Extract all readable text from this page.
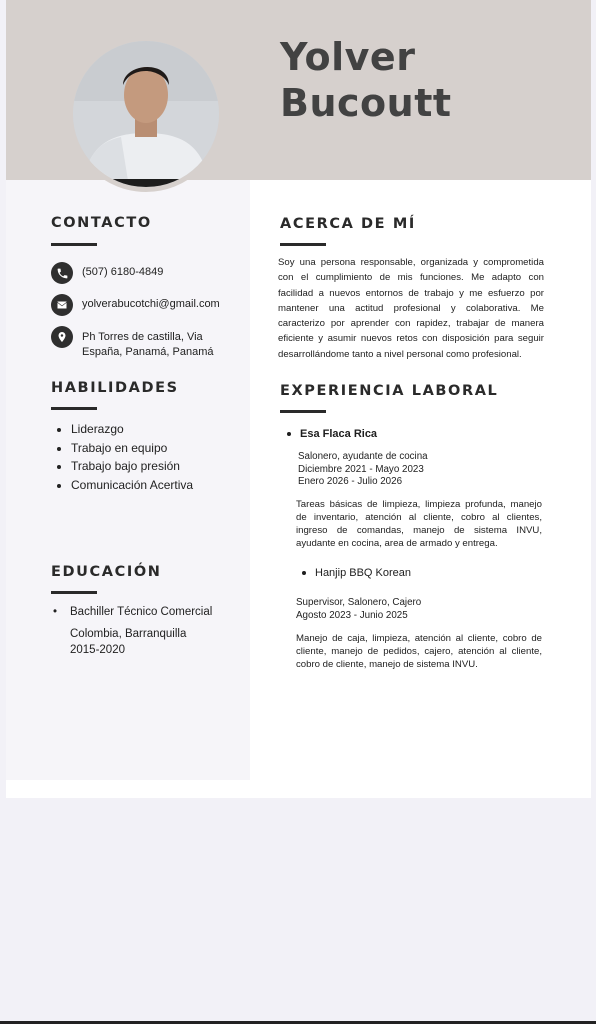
Yolver
Bucoutt
CONTACTO
(507) 6180-4849
yolverabucotchi@gmail.com
Ph Torres de castilla, Via
España, Panamá, Panamá
HABILIDADES
• Liderazgo
• Trabajo en equipo
• Trabajo bajo presión
• Comunicación Acertiva
EDUCACIÓN
•	Bachiller Técnico Comercial
Colombia, Barranquilla
2015-2020
ACERCA DE MÍ

Soy una persona responsable, organizada y comprometida con el cumplimiento de mis funciones. Me adapto con facilidad a nuevos entornos de trabajo y me esfuerzo por mantener una actitud profesional y colaborativa. Me caracterizo por aprender con rapidez, trabajar de manera eficiente y asumir nuevos retos con disposición para seguir desarrollándome tanto a nivel personal como profesional.

EXPERIENCIA LABORAL
Esa Flaca Rica
Salonero, ayudante de cocina
Diciembre 2021 - Mayo 2023
Enero 2026 - Julio 2026

Tareas básicas de limpieza, limpieza profunda, manejo de inventario, atención al cliente, cobro al clientes, ingreso de comandas, manejo de sistema INVU, ayudante en cocina, area de armado y entrega.

Hanjip BBQ Korean
Supervisor, Salonero, Cajero
Agosto 2023 - Junio 2025

Manejo de caja, limpieza, atención al cliente, cobro de cliente, manejo de pedidos, cajero, atención al cliente, cobro de cliente, manejo de sistema INVU.
